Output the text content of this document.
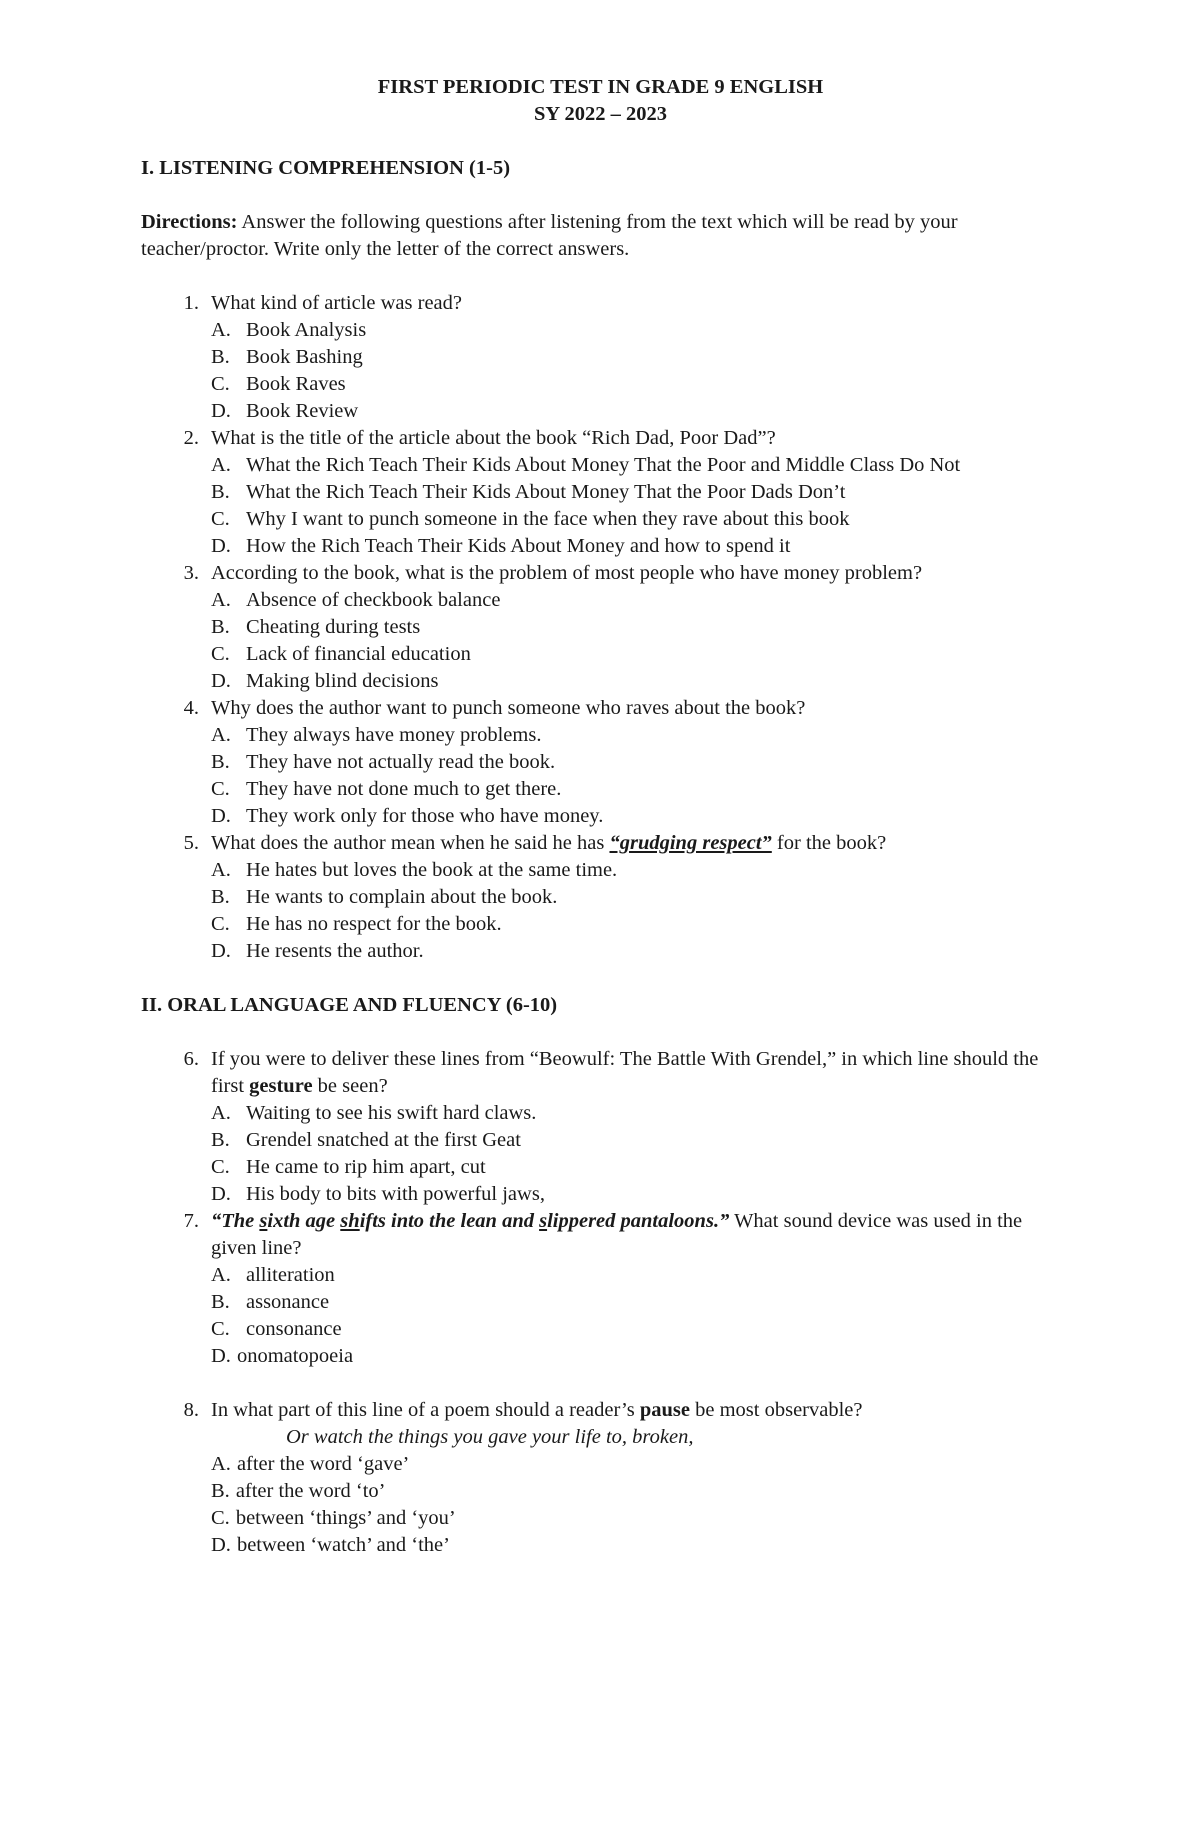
FIRST PERIODIC TEST IN GRADE 9 ENGLISH

SY 2022 – 2023

I. LISTENING COMPREHENSION (1-5)

Directions: Answer the following questions after listening from the text which will be read by your teacher/proctor. Write only the letter of the correct answers.

1. What kind of article was read?
A. Book Analysis
B. Book Bashing
C. Book Raves
D. Book Review
2. What is the title of the article about the book “Rich Dad, Poor Dad”?
A. What the Rich Teach Their Kids About Money That the Poor and Middle Class Do Not
B. What the Rich Teach Their Kids About Money That the Poor Dads Don’t
C. Why I want to punch someone in the face when they rave about this book
D. How the Rich Teach Their Kids About Money and how to spend it
3. According to the book, what is the problem of most people who have money problem?
A. Absence of checkbook balance
B. Cheating during tests
C. Lack of financial education
D. Making blind decisions
4. Why does the author want to punch someone who raves about the book?
A. They always have money problems.
B. They have not actually read the book.
C. They have not done much to get there.
D. They work only for those who have money.
5. What does the author mean when he said he has “grudging respect” for the book?
A. He hates but loves the book at the same time.
B. He wants to complain about the book.
C. He has no respect for the book.
D. He resents the author.

II. ORAL LANGUAGE AND FLUENCY (6-10)

6. If you were to deliver these lines from “Beowulf: The Battle With Grendel,” in which line should the first gesture be seen?
A. Waiting to see his swift hard claws.
B. Grendel snatched at the first Geat
C. He came to rip him apart, cut
D. His body to bits with powerful jaws,
7. “The sixth age shifts into the lean and slippered pantaloons.” What sound device was used in the given line?
A. alliteration
B. assonance
C. consonance
D. onomatopoeia
8. In what part of this line of a poem should a reader’s pause be most observable?
Or watch the things you gave your life to, broken,
A. after the word ‘gave’
B. after the word ‘to’
C. between ‘things’ and ‘you’
D. between ‘watch’ and ‘the’
